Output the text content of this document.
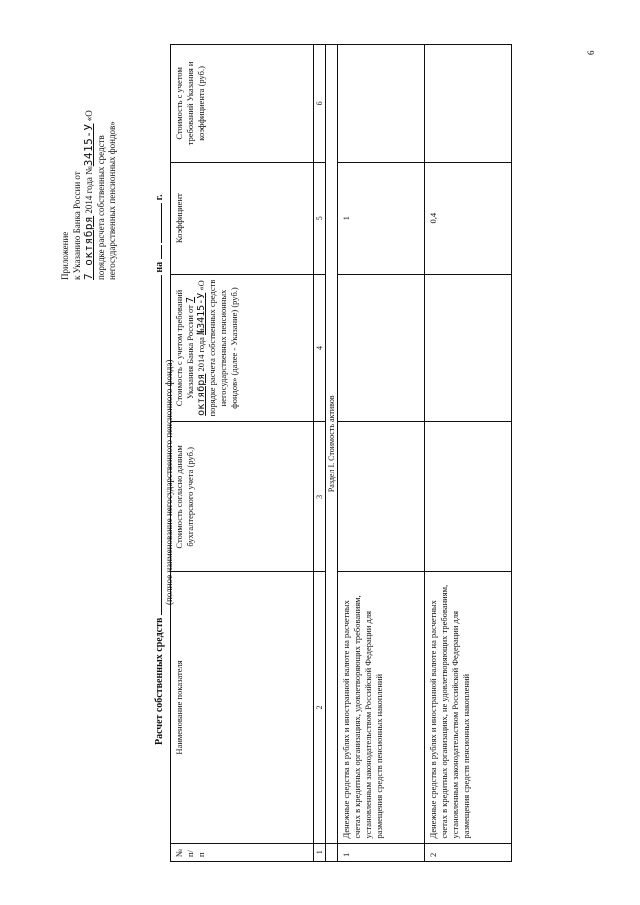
6
Приложение к Указанию Банка России от 7 октября 2014 года №3415-У «О
порядке расчета собственных средств негосударственных пенсионных фондов»
Расчет собственных средств  на   г.
(полное наименование негосударственного пенсионного фонда)
№ п/п	Наименование показателя	Стоимость согласно данным бухгалтерского учета (руб.)	Стоимость с учетом требований Указания Банка России от 7 октября 2014 года №3415-У «О порядке расчета собственных средств негосударственных пенсионных фондов» (далее - Указание) (руб.)	Коэффициент	Стоимость с учетом требований Указания и коэффициента (руб.)
1	2	3	4	5	6
	Раздел I. Стоимость активов				
1	Денежные средства в рублях и иностранной валюте на расчетных счетах в кредитных организациях, удовлетворяющих требованиям, установленным законодательством Российской Федерации для размещения средств пенсионных накоплений			1	
2	Денежные средства в рублях и иностранной валюте на расчетных счетах в кредитных организациях, не удовлетворяющих требованиям, установленным законодательством Российской Федерации для размещения средств пенсионных накоплений			0,4	
